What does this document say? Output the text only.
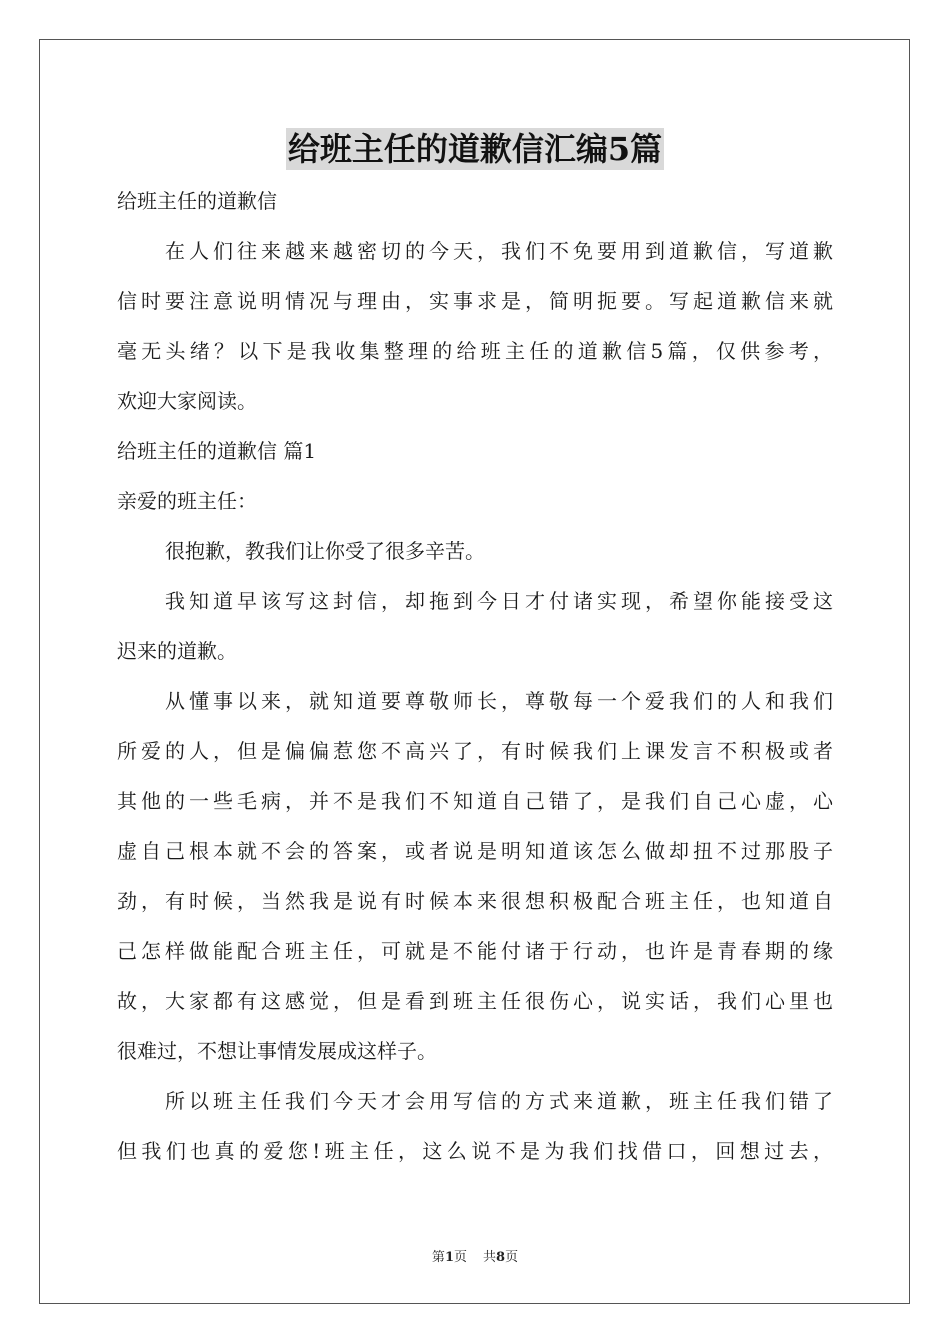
给班主任的道歉信汇编5篇
给班主任的道歉信
在人们往来越来越密切的今天，我们不免要用到道歉信，写道歉
信时要注意说明情况与理由，实事求是，简明扼要。写起道歉信来就
毫无头绪？以下是我收集整理的给班主任的道歉信5篇，仅供参考，
欢迎大家阅读。
给班主任的道歉信 篇1
亲爱的班主任：
很抱歉，教我们让你受了很多辛苦。
我知道早该写这封信，却拖到今日才付诸实现，希望你能接受这
迟来的道歉。
从懂事以来，就知道要尊敬师长，尊敬每一个爱我们的人和我们
所爱的人，但是偏偏惹您不高兴了，有时候我们上课发言不积极或者
其他的一些毛病，并不是我们不知道自己错了，是我们自己心虚，心
虚自己根本就不会的答案，或者说是明知道该怎么做却扭不过那股子
劲，有时候，当然我是说有时候本来很想积极配合班主任，也知道自
己怎样做能配合班主任，可就是不能付诸于行动，也许是青春期的缘
故，大家都有这感觉，但是看到班主任很伤心，说实话，我们心里也
很难过，不想让事情发展成这样子。
所以班主任我们今天才会用写信的方式来道歉，班主任我们错了
但我们也真的爱您!班主任，这么说不是为我们找借口，回想过去，
第1页 共8页
